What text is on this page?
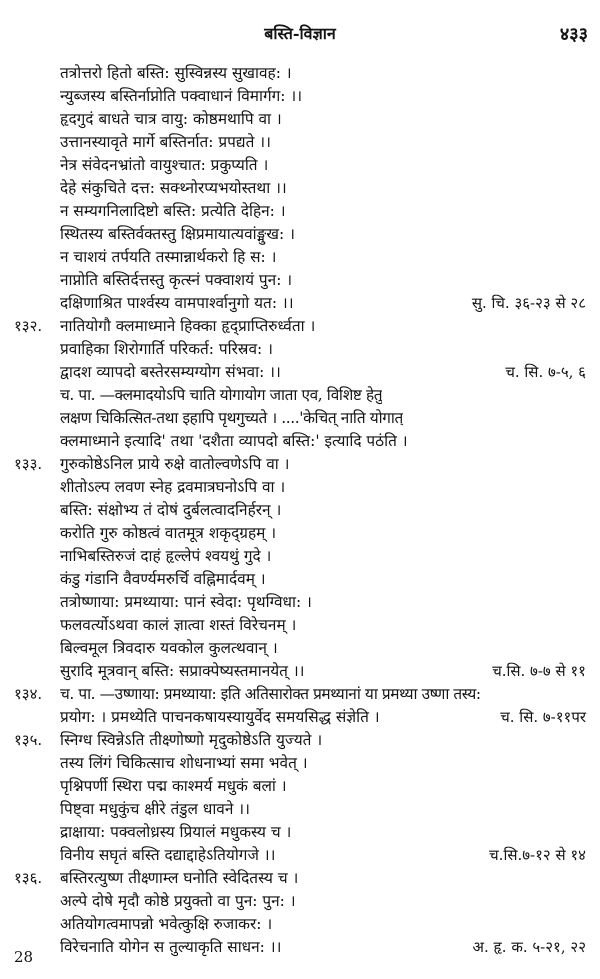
बस्ति-विज्ञान	४३३
तत्रोत्तरो हितो बस्ति: सुस्विन्नस्य सुखावह: ।
न्युब्जस्य बस्तिर्नाप्नोति पक्वाधानं विमार्गग: ।।
हृदगुदं बाधते चात्र वायु: कोष्ठमथापि वा ।
उत्तानस्यावृते मार्गे बस्तिर्नात: प्रपद्यते ।।
नेत्र संवेदनभ्रांतो वायुश्चात: प्रकुप्यति ।
देहे संकुचिते दत्त: सक्थ्नोरप्यभयोस्तथा ।।
न सम्यगनिलादिष्टो बस्ति: प्रत्येति देहिन: ।
स्थितस्य बस्तिर्वक्तस्तु क्षिप्रमायात्यवांङ्मुख: ।
न चाशयं तर्पयति तस्मान्नार्थकरो हि स: ।
नाप्नोति बस्तिर्दत्तस्तु कृत्स्नं पक्वाशयं पुन: ।
दक्षिणाश्रित पार्श्वस्य वामपार्श्वानुगो यत: ।।	सु. चि. ३६-२३ से २८
१३२. नातियोगौ क्लमाध्माने हिक्का हृद्प्राप्तिरुर्ध्वता ।
प्रवाहिका शिरोगार्ति परिकर्त: परिस्रव: ।
द्वादश व्यापदो बस्तेरसम्यग्योग संभवा: ।।	च. सि. ७-५, ६
च. पा. —क्लमादयोऽपि चाति योगायोग जाता एव, विशिष्ट हेतु
लक्षण चिकित्सित-तथा इहापि पृथगुच्यते । ....'केचित् नाति योगात्
क्लमाध्माने इत्यादि' तथा 'दशैता व्यापदो बस्ति:' इत्यादि पठंति ।
१३३. गुरुकोष्ठेऽनिल प्राये रुक्षे वातोल्वणेऽपि वा ।
शीतोऽल्प लवण स्नेह द्रवमात्रघनोऽपि वा ।
बस्ति: संक्षोभ्य तं दोषं दुर्बलत्वादनिर्हरन् ।
करोति गुरु कोष्ठत्वं वातमूत्र शकृद्ग्रहम् ।
नाभिबस्तिरुजं दाहं हृल्लेपं श्वयथुं गुदे ।
कंडु गंडानि वैवर्ण्यमरुर्चि वह्निमार्दवम् ।
तत्रोष्णाया: प्रमथ्याया: पानं स्वेदा: पृथग्विधा: ।
फलवर्त्योऽथवा कालं ज्ञात्वा शस्तं विरेचनम् ।
बिल्वमूल त्रिवदारु यवकोल कुलत्थवान् ।
सुरादि मूत्रवान् बस्ति: सप्राक्पेष्यस्तमानयेत् ।।	च.सि. ७-७ से ११
१३४. च. पा. —उष्णाया: प्रमथ्याया: इति अतिसारोक्त प्रमथ्यानां या प्रमथ्या उष्णा तस्य:
प्रयोग: । प्रमथ्येति पाचनकषायस्यायुर्वेद समयसिद्ध संज्ञेति ।	च. सि. ७-११पर
१३५. स्निग्ध स्विन्नेऽति तीक्ष्णोष्णो मृदुकोष्ठेऽति युज्यते ।
तस्य लिंगं चिकित्साच शोधनाभ्यां समा भवेत् ।
पृश्निपर्णी स्थिरा पद्म काश्मर्य मधुकं बलां ।
पिष्ट्वा मधुकुंच क्षीरे तंडुल धावने ।।
द्राक्षाया: पक्वलोध्रस्य प्रियालं मधुकस्य च ।
विनीय सघृतं बस्ति दद्याद्दाहेऽतियोगजे ।।	च.सि.७-१२ से १४
१३६. बस्तिरत्युष्ण तीक्ष्णाम्ल घनोति स्वेदितस्य च ।
अल्पे दोषे मृदौ कोष्ठे प्रयुक्तो वा पुन: पुन: ।
अतियोगत्वमापन्नो भवेत्कुक्षि रुजाकर: ।
विरेचनाति योगेन स तुल्याकृति साधन: ।।	अ. हृ. क. ५-२१, २२
28
